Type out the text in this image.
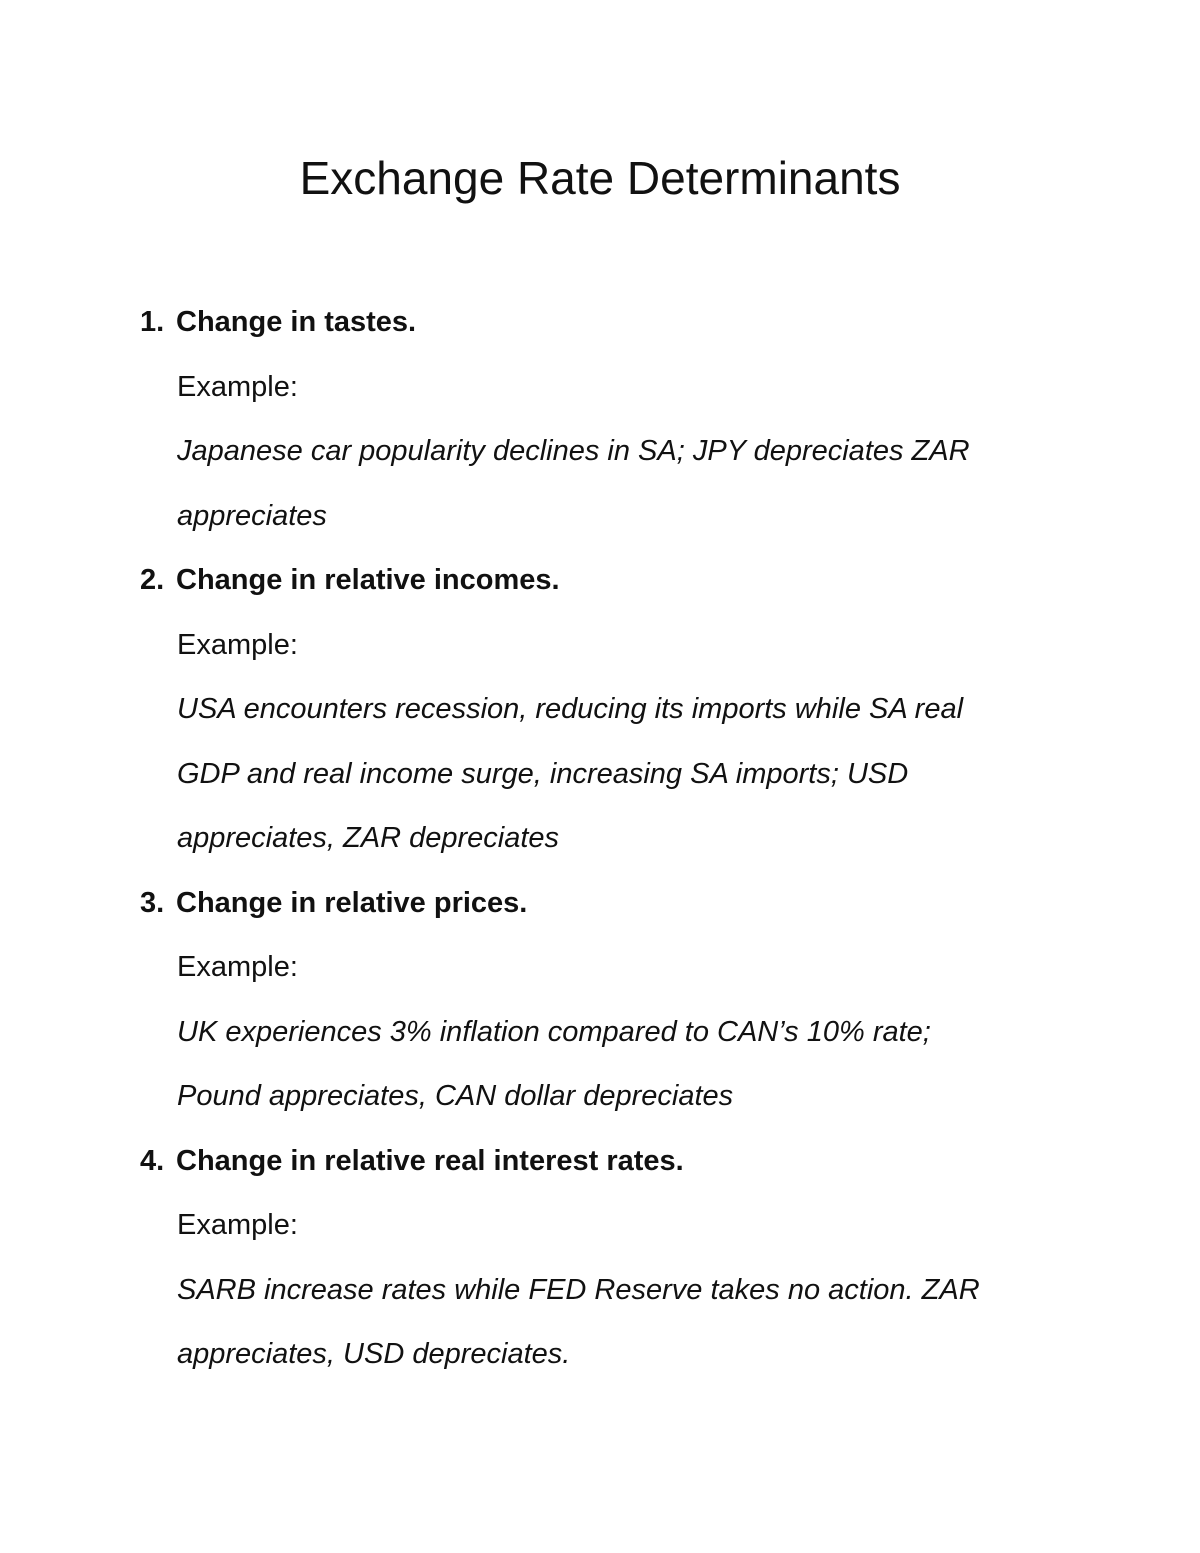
Exchange Rate Determinants
1. Change in tastes.
Example:
Japanese car popularity declines in SA; JPY depreciates ZAR
appreciates
2. Change in relative incomes.
Example:
USA encounters recession, reducing its imports while SA real
GDP and real income surge, increasing SA imports; USD
appreciates, ZAR depreciates
3. Change in relative prices.
Example:
UK experiences 3% inflation compared to CAN’s 10% rate;
Pound appreciates, CAN dollar depreciates
4. Change in relative real interest rates.
Example:
SARB increase rates while FED Reserve takes no action. ZAR
appreciates, USD depreciates.
